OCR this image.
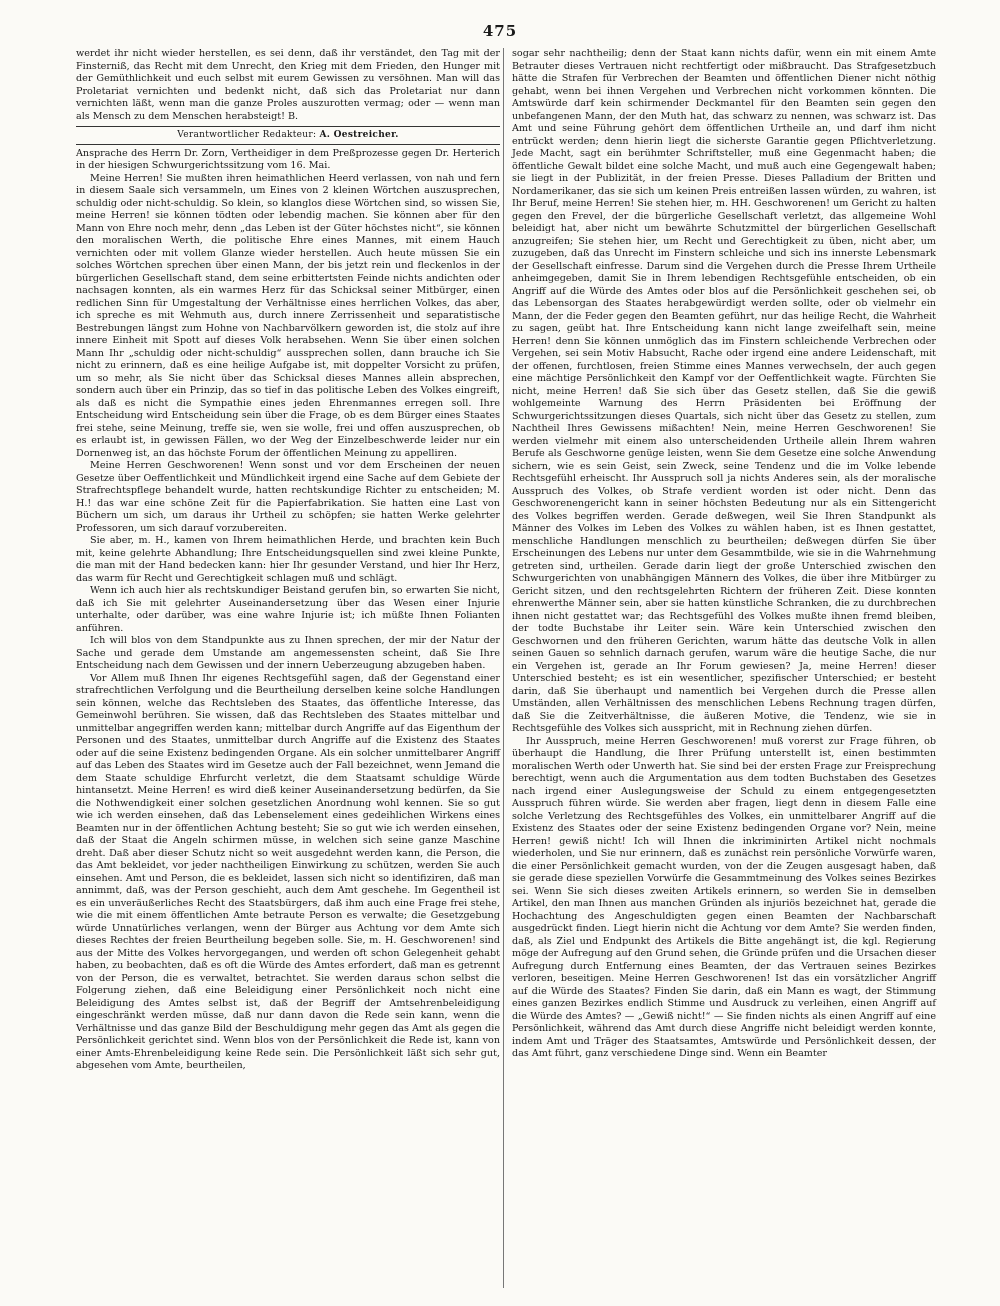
475

werdet ihr nicht wieder herstellen, es sei denn, daß ihr verständet, den Tag mit der Finsterniß, das Recht mit dem Unrecht, den Krieg mit dem Frieden, den Hunger mit der Gemüthlichkeit und euch selbst mit eurem Gewissen zu versöhnen. Man will das Proletariat vernichten und bedenkt nicht, daß sich das Proletariat nur dann vernichten läßt, wenn man die ganze Proles auszurotten vermag; oder — wenn man als Mensch zu dem Menschen herabsteigt! B.

Verantwortlicher Redakteur: A. Oestreicher.

Ansprache des Herrn Dr. Zorn, Vertheidiger in dem Preßprozesse gegen Dr. Herterich in der hiesigen Schwurgerichtssitzung vom 16. Mai.

Meine Herren! Sie mußten ihren heimathlichen Heerd verlassen, von nah und fern in diesem Saale sich versammeln, um Eines von 2 kleinen Wörtchen auszusprechen, schuldig oder nicht-schuldig. So klein, so klanglos diese Wörtchen sind, so wissen Sie, meine Herren! sie können tödten oder lebendig machen. Sie können aber für den Mann von Ehre noch mehr, denn „das Leben ist der Güter höchstes nicht“, sie können den moralischen Werth, die politische Ehre eines Mannes, mit einem Hauch vernichten oder mit vollem Glanze wieder herstellen. Auch heute müssen Sie ein solches Wörtchen sprechen über einen Mann, der bis jetzt rein und fleckenlos in der bürgerlichen Gesellschaft stand, dem seine erbittertsten Feinde nichts andichten oder nachsagen konnten, als ein warmes Herz für das Schicksal seiner Mitbürger, einen redlichen Sinn für Umgestaltung der Verhältnisse eines herrlichen Volkes, das aber, ich spreche es mit Wehmuth aus, durch innere Zerrissenheit und separatistische Bestrebungen längst zum Hohne von Nachbarvölkern geworden ist, die stolz auf ihre innere Einheit mit Spott auf dieses Volk herabsehen. Wenn Sie über einen solchen Mann Ihr „schuldig oder nicht-schuldig“ aussprechen sollen, dann brauche ich Sie nicht zu erinnern, daß es eine heilige Aufgabe ist, mit doppelter Vorsicht zu prüfen, um so mehr, als Sie nicht über das Schicksal dieses Mannes allein absprechen, sondern auch über ein Prinzip, das so tief in das politische Leben des Volkes eingreift, als daß es nicht die Sympathie eines jeden Ehrenmannes erregen soll. Ihre Entscheidung wird Entscheidung sein über die Frage, ob es dem Bürger eines Staates frei stehe, seine Meinung, treffe sie, wen sie wolle, frei und offen auszusprechen, ob es erlaubt ist, in gewissen Fällen, wo der Weg der Einzelbeschwerde leider nur ein Dornenweg ist, an das höchste Forum der öffentlichen Meinung zu appelliren.

Meine Herren Geschworenen! Wenn sonst und vor dem Erscheinen der neuen Gesetze über Oeffentlichkeit und Mündlichkeit irgend eine Sache auf dem Gebiete der Strafrechtspflege behandelt wurde, hatten rechtskundige Richter zu entscheiden; M. H.! das war eine schöne Zeit für die Papierfabrikation. Sie hatten eine Last von Büchern um sich, um daraus ihr Urtheil zu schöpfen; sie hatten Werke gelehrter Professoren, um sich darauf vorzubereiten.

Sie aber, m. H., kamen von Ihrem heimathlichen Herde, und brachten kein Buch mit, keine gelehrte Abhandlung; Ihre Entscheidungsquellen sind zwei kleine Punkte, die man mit der Hand bedecken kann: hier Ihr gesunder Verstand, und hier Ihr Herz, das warm für Recht und Gerechtigkeit schlagen muß und schlägt.

Wenn ich auch hier als rechtskundiger Beistand gerufen bin, so erwarten Sie nicht, daß ich Sie mit gelehrter Auseinandersetzung über das Wesen einer Injurie unterhalte, oder darüber, was eine wahre Injurie ist; ich müßte Ihnen Folianten anführen.

Ich will blos von dem Standpunkte aus zu Ihnen sprechen, der mir der Natur der Sache und gerade dem Umstande am angemessensten scheint, daß Sie Ihre Entscheidung nach dem Gewissen und der innern Ueberzeugung abzugeben haben.

Vor Allem muß Ihnen Ihr eigenes Rechtsgefühl sagen, daß der Gegenstand einer strafrechtlichen Verfolgung und die Beurtheilung derselben keine solche Handlungen sein können, welche das Rechtsleben des Staates, das öffentliche Interesse, das Gemeinwohl berühren. Sie wissen, daß das Rechtsleben des Staates mittelbar und unmittelbar angegriffen werden kann; mittelbar durch Angriffe auf das Eigenthum der Personen und des Staates, unmittelbar durch Angriffe auf die Existenz des Staates oder auf die seine Existenz bedingenden Organe. Als ein solcher unmittelbarer Angriff auf das Leben des Staates wird im Gesetze auch der Fall bezeichnet, wenn Jemand die dem Staate schuldige Ehrfurcht verletzt, die dem Staatsamt schuldige Würde hintansetzt. Meine Herren! es wird dieß keiner Auseinandersetzung bedürfen, da Sie die Nothwendigkeit einer solchen gesetzlichen Anordnung wohl kennen. Sie so gut wie ich werden einsehen, daß das Lebenselement eines gedeihlichen Wirkens eines Beamten nur in der öffentlichen Achtung besteht; Sie so gut wie ich werden einsehen, daß der Staat die Angeln schirmen müsse, in welchen sich seine ganze Maschine dreht. Daß aber dieser Schutz nicht so weit ausgedehnt werden kann, die Person, die das Amt bekleidet, vor jeder nachtheiligen Einwirkung zu schützen, werden Sie auch einsehen. Amt und Person, die es bekleidet, lassen sich nicht so identifiziren, daß man annimmt, daß, was der Person geschieht, auch dem Amt geschehe. Im Gegentheil ist es ein unveräußerliches Recht des Staatsbürgers, daß ihm auch eine Frage frei stehe, wie die mit einem öffentlichen Amte betraute Person es verwalte; die Gesetzgebung würde Unnatürliches verlangen, wenn der Bürger aus Achtung vor dem Amte sich dieses Rechtes der freien Beurtheilung begeben solle. Sie, m. H. Geschworenen! sind aus der Mitte des Volkes hervorgegangen, und werden oft schon Gelegenheit gehabt haben, zu beobachten, daß es oft die Würde des Amtes erfordert, daß man es getrennt von der Person, die es verwaltet, betrachtet. Sie werden daraus schon selbst die Folgerung ziehen, daß eine Beleidigung einer Persönlichkeit noch nicht eine Beleidigung des Amtes selbst ist, daß der Begriff der Amtsehrenbeleidigung eingeschränkt werden müsse, daß nur dann davon die Rede sein kann, wenn die Verhältnisse und das ganze Bild der Beschuldigung mehr gegen das Amt als gegen die Persönlichkeit gerichtet sind. Wenn blos von der Persönlichkeit die Rede ist, kann von einer Amts-Ehrenbeleidigung keine Rede sein. Die Persönlichkeit läßt sich sehr gut, abgesehen vom Amte, beurtheilen,

sogar sehr nachtheilig; denn der Staat kann nichts dafür, wenn ein mit einem Amte Betrauter dieses Vertrauen nicht rechtfertigt oder mißbraucht. Das Strafgesetzbuch hätte die Strafen für Verbrechen der Beamten und öffentlichen Diener nicht nöthig gehabt, wenn bei ihnen Vergehen und Verbrechen nicht vorkommen könnten. Die Amtswürde darf kein schirmender Deckmantel für den Beamten sein gegen den unbefangenen Mann, der den Muth hat, das schwarz zu nennen, was schwarz ist. Das Amt und seine Führung gehört dem öffentlichen Urtheile an, und darf ihm nicht entrückt werden; denn hierin liegt die sicherste Garantie gegen Pflichtverletzung. Jede Macht, sagt ein berühmter Schriftsteller, muß eine Gegenmacht haben; die öffentliche Gewalt bildet eine solche Macht, und muß auch eine Gegengewalt haben; sie liegt in der Publizität, in der freien Presse. Dieses Palladium der Britten und Nordamerikaner, das sie sich um keinen Preis entreißen lassen würden, zu wahren, ist Ihr Beruf, meine Herren! Sie stehen hier, m. HH. Geschworenen! um Gericht zu halten gegen den Frevel, der die bürgerliche Gesellschaft verletzt, das allgemeine Wohl beleidigt hat, aber nicht um bewährte Schutzmittel der bürgerlichen Gesellschaft anzugreifen; Sie stehen hier, um Recht und Gerechtigkeit zu üben, nicht aber, um zuzugeben, daß das Unrecht im Finstern schleiche und sich ins innerste Lebensmark der Gesellschaft einfresse. Darum sind die Vergehen durch die Presse Ihrem Urtheile anheimgegeben, damit Sie in Ihrem lebendigen Rechtsgefühle entscheiden, ob ein Angriff auf die Würde des Amtes oder blos auf die Persönlichkeit geschehen sei, ob das Lebensorgan des Staates herabgewürdigt werden sollte, oder ob vielmehr ein Mann, der die Feder gegen den Beamten geführt, nur das heilige Recht, die Wahrheit zu sagen, geübt hat. Ihre Entscheidung kann nicht lange zweifelhaft sein, meine Herren! denn Sie können unmöglich das im Finstern schleichende Verbrechen oder Vergehen, sei sein Motiv Habsucht, Rache oder irgend eine andere Leidenschaft, mit der offenen, furchtlosen, freien Stimme eines Mannes verwechseln, der auch gegen eine mächtige Persönlichkeit den Kampf vor der Oeffentlichkeit wagte. Fürchten Sie nicht, meine Herren! daß Sie sich über das Gesetz stellen, daß Sie die gewiß wohlgemeinte Warnung des Herrn Präsidenten bei Eröffnung der Schwurgerichtssitzungen dieses Quartals, sich nicht über das Gesetz zu stellen, zum Nachtheil Ihres Gewissens mißachten! Nein, meine Herren Geschworenen! Sie werden vielmehr mit einem also unterscheidenden Urtheile allein Ihrem wahren Berufe als Geschworne genüge leisten, wenn Sie dem Gesetze eine solche Anwendung sichern, wie es sein Geist, sein Zweck, seine Tendenz und die im Volke lebende Rechtsgefühl erheischt. Ihr Ausspruch soll ja nichts Anderes sein, als der moralische Ausspruch des Volkes, ob Strafe verdient worden ist oder nicht. Denn das Geschworenengericht kann in seiner höchsten Bedeutung nur als ein Sittengericht des Volkes begriffen werden. Gerade deßwegen, weil Sie Ihren Standpunkt als Männer des Volkes im Leben des Volkes zu wählen haben, ist es Ihnen gestattet, menschliche Handlungen menschlich zu beurtheilen; deßwegen dürfen Sie über Erscheinungen des Lebens nur unter dem Gesammtbilde, wie sie in die Wahrnehmung getreten sind, urtheilen. Gerade darin liegt der große Unterschied zwischen den Schwurgerichten von unabhängigen Männern des Volkes, die über ihre Mitbürger zu Gericht sitzen, und den rechtsgelehrten Richtern der früheren Zeit. Diese konnten ehrenwerthe Männer sein, aber sie hatten künstliche Schranken, die zu durchbrechen ihnen nicht gestattet war; das Rechtsgefühl des Volkes mußte ihnen fremd bleiben, der todte Buchstabe ihr Leiter sein. Wäre kein Unterschied zwischen den Geschwornen und den früheren Gerichten, warum hätte das deutsche Volk in allen seinen Gauen so sehnlich darnach gerufen, warum wäre die heutige Sache, die nur ein Vergehen ist, gerade an Ihr Forum gewiesen? Ja, meine Herren! dieser Unterschied besteht; es ist ein wesentlicher, spezifischer Unterschied; er besteht darin, daß Sie überhaupt und namentlich bei Vergehen durch die Presse allen Umständen, allen Verhältnissen des menschlichen Lebens Rechnung tragen dürfen, daß Sie die Zeitverhältnisse, die äußeren Motive, die Tendenz, wie sie in Rechtsgefühle des Volkes sich ausspricht, mit in Rechnung ziehen dürfen.

Ihr Ausspruch, meine Herren Geschworenen! muß vorerst zur Frage führen, ob überhaupt die Handlung, die Ihrer Prüfung unterstellt ist, einen bestimmten moralischen Werth oder Unwerth hat. Sie sind bei der ersten Frage zur Freisprechung berechtigt, wenn auch die Argumentation aus dem todten Buchstaben des Gesetzes nach irgend einer Auslegungsweise der Schuld zu einem entgegengesetzten Ausspruch führen würde. Sie werden aber fragen, liegt denn in diesem Falle eine solche Verletzung des Rechtsgefühles des Volkes, ein unmittelbarer Angriff auf die Existenz des Staates oder der seine Existenz bedingenden Organe vor? Nein, meine Herren! gewiß nicht! Ich will Ihnen die inkriminirten Artikel nicht nochmals wiederholen, und Sie nur erinnern, daß es zunächst rein persönliche Vorwürfe waren, die einer Persönlichkeit gemacht wurden, von der die Zeugen ausgesagt haben, daß sie gerade diese speziellen Vorwürfe die Gesammtmeinung des Volkes seines Bezirkes sei. Wenn Sie sich dieses zweiten Artikels erinnern, so werden Sie in demselben Artikel, den man Ihnen aus manchen Gründen als injuriös bezeichnet hat, gerade die Hochachtung des Angeschuldigten gegen einen Beamten der Nachbarschaft ausgedrückt finden. Liegt hierin nicht die Achtung vor dem Amte? Sie werden finden, daß, als Ziel und Endpunkt des Artikels die Bitte angehängt ist, die kgl. Regierung möge der Aufregung auf den Grund sehen, die Gründe prüfen und die Ursachen dieser Aufregung durch Entfernung eines Beamten, der das Vertrauen seines Bezirkes verloren, beseitigen. Meine Herren Geschworenen! Ist das ein vorsätzlicher Angriff auf die Würde des Staates? Finden Sie darin, daß ein Mann es wagt, der Stimmung eines ganzen Bezirkes endlich Stimme und Ausdruck zu verleihen, einen Angriff auf die Würde des Amtes? — „Gewiß nicht!“ — Sie finden nichts als einen Angriff auf eine Persönlichkeit, während das Amt durch diese Angriffe nicht beleidigt werden konnte, indem Amt und Träger des Staatsamtes, Amtswürde und Persönlichkeit dessen, der das Amt führt, ganz verschiedene Dinge sind. Wenn ein Beamter
